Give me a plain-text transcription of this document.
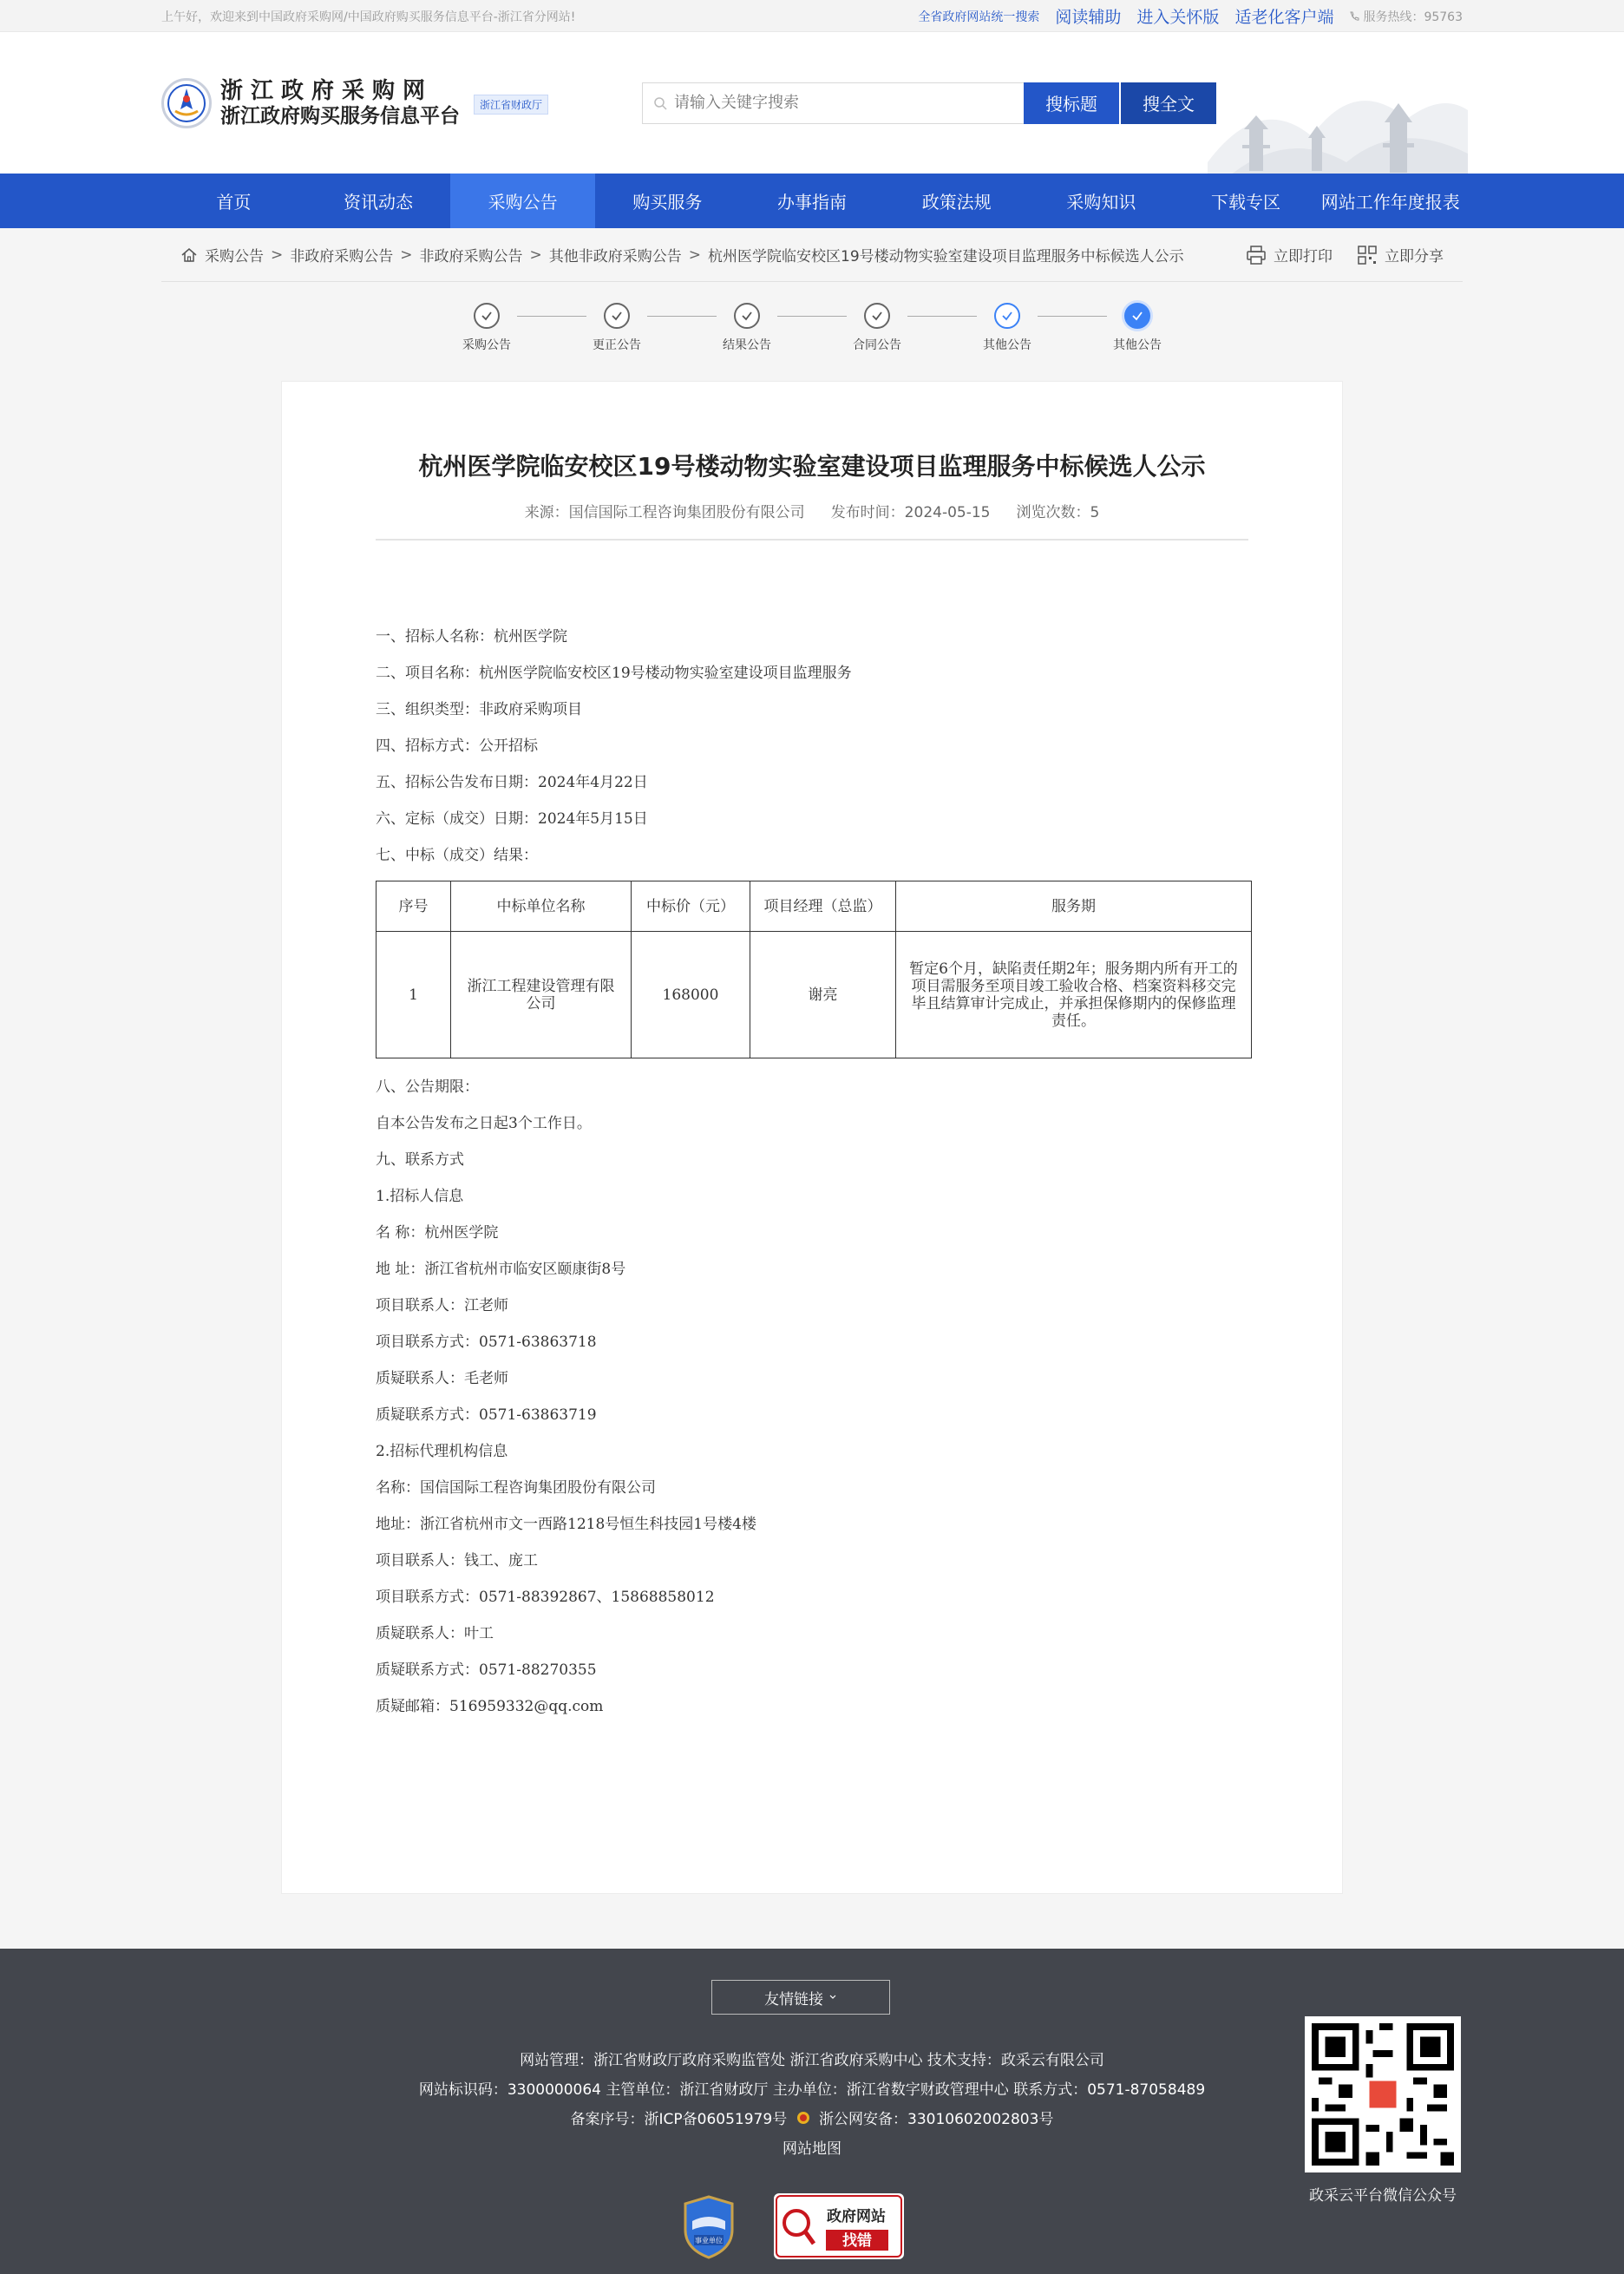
上午好，欢迎来到中国政府采购网/中国政府购买服务信息平台-浙江省分网站!	全省政府网站统一搜索 阅读辅助 进入关怀版 适老化客户端 服务热线：95763
浙江政府采购网
浙江政府购买服务信息平台	浙江省财政厅
请输入关键字搜索	搜标题	搜全文
首页	资讯动态	采购公告	购买服务	办事指南	政策法规	采购知识	下载专区	网站工作年度报表
采购公告 > 非政府采购公告 > 非政府采购公告 > 其他非政府采购公告 > 杭州医学院临安校区19号楼动物实验室建设项目监理服务中标候选人公示	立即打印	立即分享
采购公告	更正公告	结果公告	合同公告	其他公告	其他公告
杭州医学院临安校区19号楼动物实验室建设项目监理服务中标候选人公示
来源：国信国际工程咨询集团股份有限公司 发布时间：2024-05-15 浏览次数：5

一、招标人名称：杭州医学院

二、项目名称：杭州医学院临安校区19号楼动物实验室建设项目监理服务

三、组织类型：非政府采购项目

四、招标方式：公开招标

五、招标公告发布日期：2024年4月22日

六、定标（成交）日期：2024年5月15日

七、中标（成交）结果：

序号	中标单位名称	中标价（元）	项目经理（总监）	服务期
1	浙江工程建设管理有限公司	168000	谢亮	暂定6个月，缺陷责任期2年；服务期内所有开工的项目需服务至项目竣工验收合格、档案资料移交完毕且结算审计完成止，并承担保修期内的保修监理责任。

八、公告期限：

自本公告发布之日起3个工作日。

九、联系方式

1.招标人信息

名 称：杭州医学院

地 址：浙江省杭州市临安区颐康街8号

项目联系人：江老师

项目联系方式：0571-63863718

质疑联系人：毛老师

质疑联系方式：0571-63863719

2.招标代理机构信息

名称：国信国际工程咨询集团股份有限公司

地址：浙江省杭州市文一西路1218号恒生科技园1号楼4楼

项目联系人：钱工、庞工

项目联系方式：0571-88392867、15868858012

质疑联系人：叶工

质疑联系方式：0571-88270355

质疑邮箱：516959332@qq.com

友情链接
网站管理：浙江省财政厅政府采购监管处 浙江省政府采购中心 技术支持：政采云有限公司
网站标识码：3300000064 主管单位：浙江省财政厅 主办单位：浙江省数字财政管理中心 联系方式：0571-87058489
备案序号：浙ICP备06051979号 浙公网安备：33010602002803号
网站地图
政采云平台微信公众号
事业单位
政府网站
找错
